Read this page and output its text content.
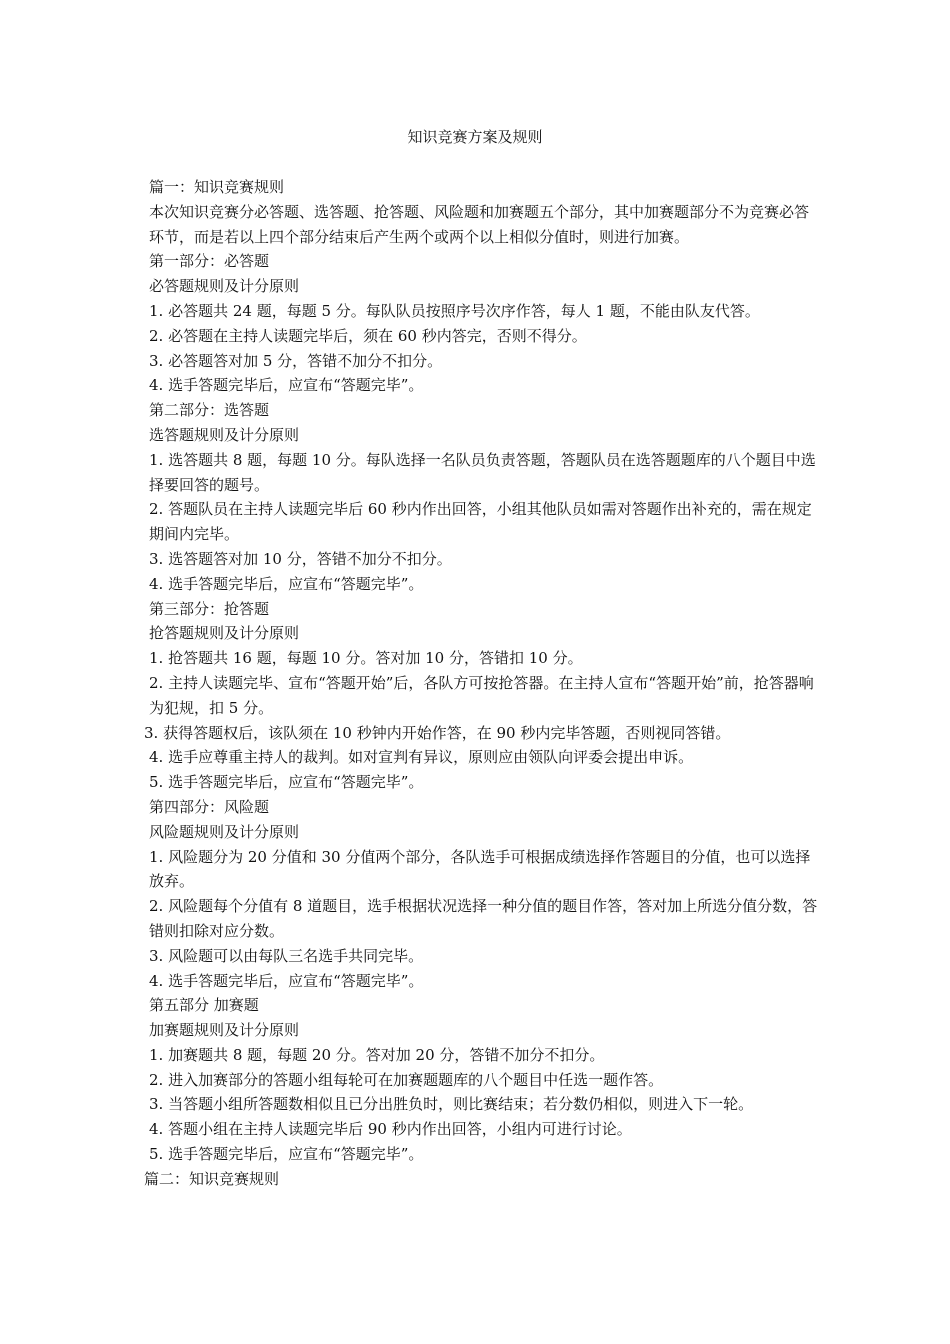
知识竞赛方案及规则

篇一：知识竞赛规则

本次知识竞赛分必答题、选答题、抢答题、风险题和加赛题五个部分，其中加赛题部分不为竞赛必答环节，而是若以上四个部分结束后产生两个或两个以上相似分值时，则进行加赛。

第一部分：必答题

必答题规则及计分原则

1. 必答题共 24 题，每题 5 分。每队队员按照序号次序作答，每人 1 题，不能由队友代答。

2. 必答题在主持人读题完毕后，须在 60 秒内答完，否则不得分。

3. 必答题答对加 5 分，答错不加分不扣分。

4. 选手答题完毕后，应宣布“答题完毕”。

第二部分：选答题

选答题规则及计分原则

1. 选答题共 8 题，每题 10 分。每队选择一名队员负责答题，答题队员在选答题题库的八个题目中选择要回答的题号。

2. 答题队员在主持人读题完毕后 60 秒内作出回答，小组其他队员如需对答题作出补充的，需在规定期间内完毕。

3. 选答题答对加 10 分，答错不加分不扣分。

4. 选手答题完毕后，应宣布“答题完毕”。

第三部分：抢答题

抢答题规则及计分原则

1. 抢答题共 16 题，每题 10 分。答对加 10 分，答错扣 10 分。

2. 主持人读题完毕、宣布“答题开始”后，各队方可按抢答器。在主持人宣布“答题开始”前，抢答器响为犯规，扣 5 分。

3. 获得答题权后，该队须在 10 秒钟内开始作答，在 90 秒内完毕答题，否则视同答错。

4. 选手应尊重主持人的裁判。如对宣判有异议，原则应由领队向评委会提出申诉。

5. 选手答题完毕后，应宣布“答题完毕”。

第四部分：风险题

风险题规则及计分原则

1. 风险题分为 20 分值和 30 分值两个部分，各队选手可根据成绩选择作答题目的分值，也可以选择放弃。

2. 风险题每个分值有 8 道题目，选手根据状况选择一种分值的题目作答，答对加上所选分值分数，答错则扣除对应分数。

3. 风险题可以由每队三名选手共同完毕。

4. 选手答题完毕后，应宣布“答题完毕”。

第五部分 加赛题

加赛题规则及计分原则

1. 加赛题共 8 题，每题 20 分。答对加 20 分，答错不加分不扣分。

2. 进入加赛部分的答题小组每轮可在加赛题题库的八个题目中任选一题作答。

3. 当答题小组所答题数相似且已分出胜负时，则比赛结束；若分数仍相似，则进入下一轮。

4. 答题小组在主持人读题完毕后 90 秒内作出回答，小组内可进行讨论。

5. 选手答题完毕后，应宣布“答题完毕”。

篇二：知识竞赛规则
